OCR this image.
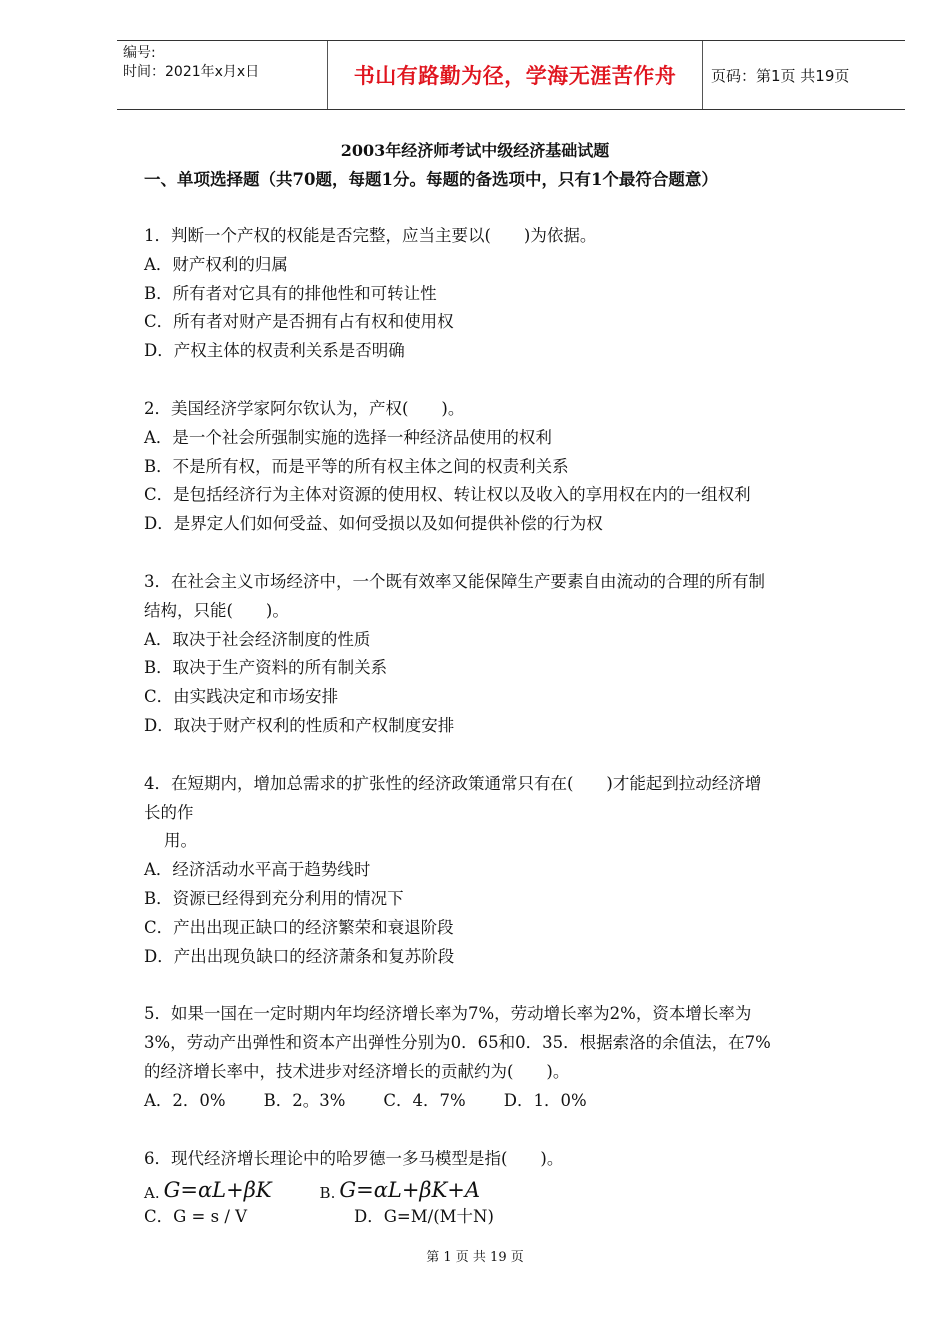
编号:
时间：2021年x月x日	书山有路勤为径，学海无涯苦作舟 页码：第1页 共19页
2003年经济师考试中级经济基础试题
一、单项选择题（共70题，每题1分。每题的备选项中，只有1个最符合题意）

1．判断一个产权的权能是否完整，应当主要以(　　)为依据。

A．财产权利的归属

B．所有者对它具有的排他性和可转让性

C．所有者对财产是否拥有占有权和使用权

D．产权主体的权责利关系是否明确

2．美国经济学家阿尔钦认为，产权(　　)。

A．是一个社会所强制实施的选择一种经济品使用的权利

B．不是所有权，而是平等的所有权主体之间的权责利关系

C．是包括经济行为主体对资源的使用权、转让权以及收入的享用权在内的一组权利

D．是界定人们如何受益、如何受损以及如何提供补偿的行为权

3．在社会主义市场经济中，一个既有效率又能保障生产要素自由流动的合理的所有制

结构，只能(　　)。

A．取决于社会经济制度的性质

B．取决于生产资料的所有制关系

C．由实践决定和市场安排

D．取决于财产权利的性质和产权制度安排

4．在短期内，增加总需求的扩张性的经济政策通常只有在(　　)才能起到拉动经济增

长的作

用。

A．经济活动水平高于趋势线时

B．资源已经得到充分利用的情况下

C．产出出现正缺口的经济繁荣和衰退阶段

D．产出出现负缺口的经济萧条和复苏阶段

5．如果一国在一定时期内年均经济增长率为7%，劳动增长率为2%，资本增长率为

3%，劳动产出弹性和资本产出弹性分别为0．65和0．35．根据索洛的余值法，在7%

的经济增长率中，技术进步对经济增长的贡献约为(　　)。

A．2．0% B．2。3% C．4．7% D．1．0%

6．现代经济增长理论中的哈罗德一多马模型是指(　　)。

A. G=αL+βK	B. G=αL+βK+A
C．G = s / V	D．G=M/(M十N)
第 1 页 共 19 页
